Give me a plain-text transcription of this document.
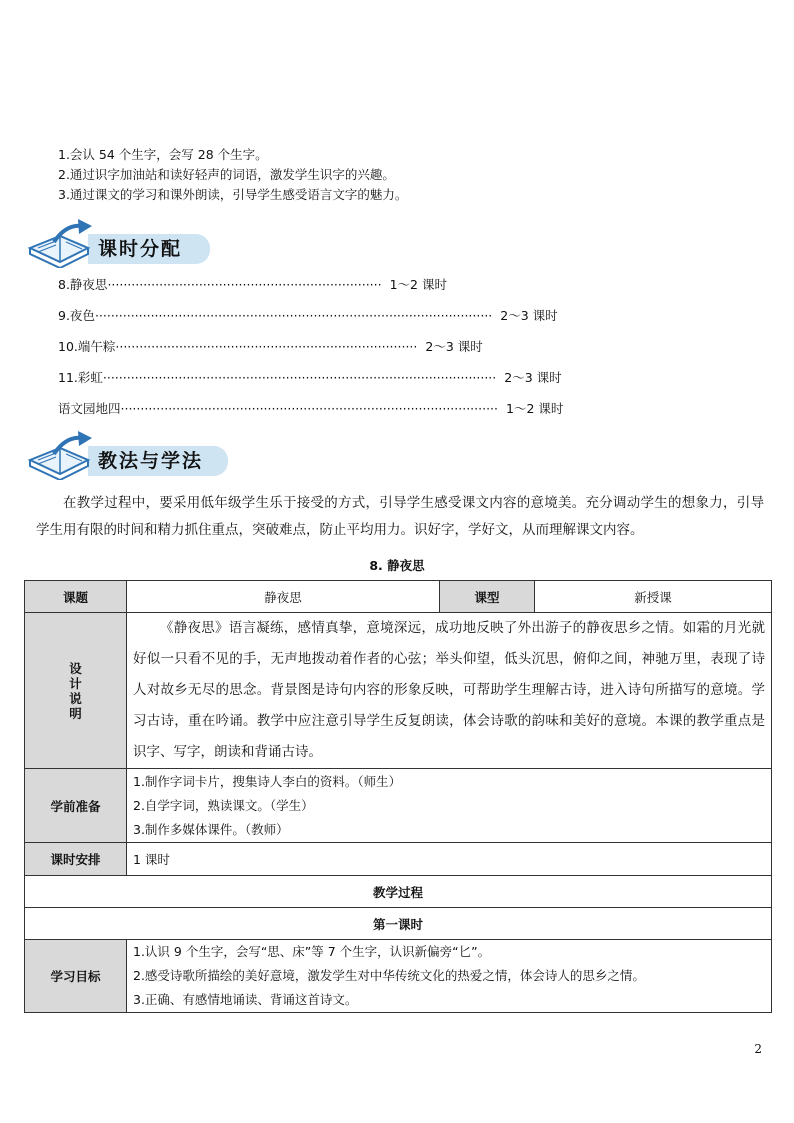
1.会认 54 个生字，会写 28 个生字。
2.通过识字加油站和读好轻声的词语，激发学生识字的兴趣。
3.通过课文的学习和课外朗读，引导学生感受语言文字的魅力。
课时分配
8.静夜思····································································· 1～2 课时
9.夜色···································································································· 2～3 课时
10.端午粽············································································ 2～3 课时
11.彩虹··································································································· 2～3 课时
语文园地四······························································································· 1～2 课时
教法与学法
在教学过程中，要采用低年级学生乐于接受的方式，引导学生感受课文内容的意境美。充分调动学生的想象力，引导学生用有限的时间和精力抓住重点，突破难点，防止平均用力。识好字，学好文，从而理解课文内容。
8. 静夜思
课题	静夜思	课型	新授课
设
计
说
明	《静夜思》语言凝练，感情真挚，意境深远，成功地反映了外出游子的静夜思乡之情。如霜的月光就好似一只看不见的手，无声地拨动着作者的心弦；举头仰望，低头沉思，俯仰之间，神驰万里，表现了诗人对故乡无尽的思念。背景图是诗句内容的形象反映，可帮助学生理解古诗，进入诗句所描写的意境。学习古诗，重在吟诵。教学中应注意引导学生反复朗读，体会诗歌的韵味和美好的意境。本课的教学重点是识字、写字，朗读和背诵古诗。		
学前准备	1.制作字词卡片，搜集诗人李白的资料。（师生）
2.自学字词，熟读课文。（学生）
3.制作多媒体课件。（教师）		

课时安排	1 课时		
教学过程			
第一课时			
学习目标	1.认识 9 个生字，会写“思、床”等 7 个生字，认识新偏旁“匕”。
2.感受诗歌所描绘的美好意境，激发学生对中华传统文化的热爱之情，体会诗人的思乡之情。
3.正确、有感情地诵读、背诵这首诗文。		
2
